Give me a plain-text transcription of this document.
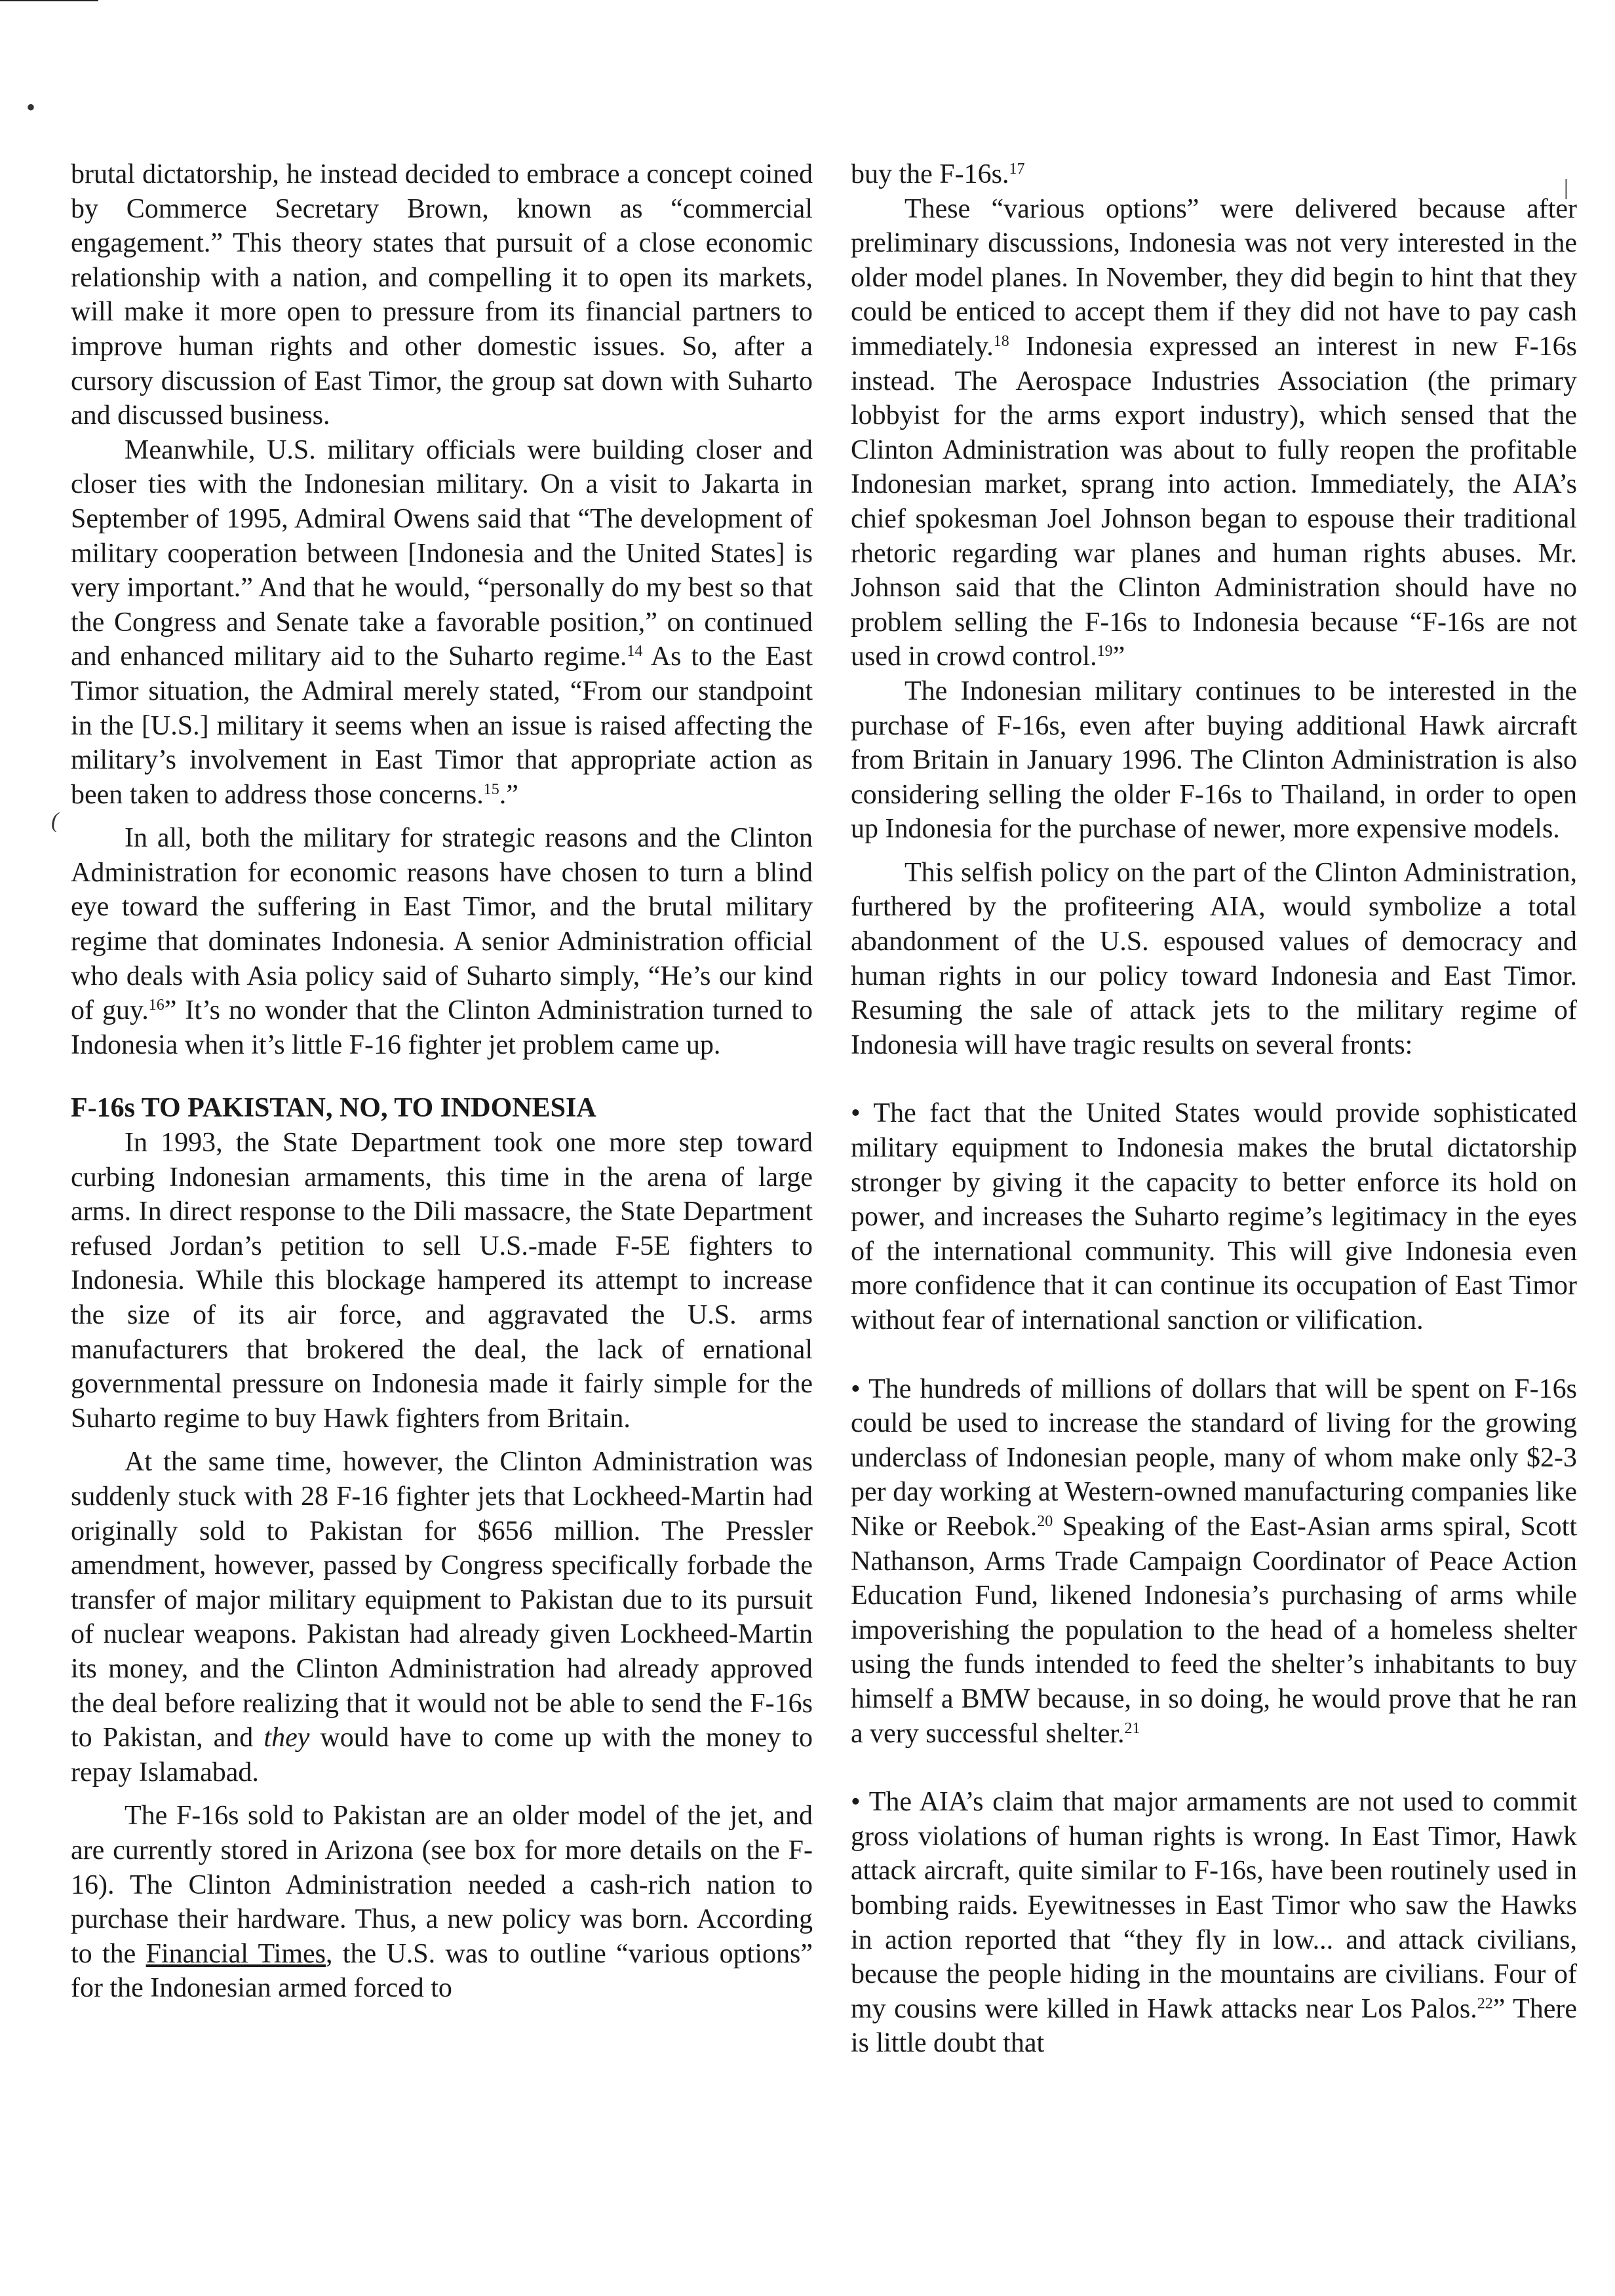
•
|
(

brutal dictatorship, he instead decided to embrace a concept coined by Commerce Secretary Brown, known as “commercial engagement.” This theory states that pursuit of a close economic relationship with a nation, and compelling it to open its markets, will make it more open to pressure from its financial partners to improve human rights and other domestic issues. So, after a cursory discussion of East Timor, the group sat down with Suharto and discussed business.

Meanwhile, U.S. military officials were building closer and closer ties with the Indonesian military. On a visit to Jakarta in September of 1995, Admiral Owens said that “The development of military cooperation between [Indonesia and the United States] is very important.” And that he would, “personally do my best so that the Congress and Senate take a favorable position,” on continued and enhanced military aid to the Suharto regime.$^{14}$ As to the East Timor situation, the Admiral merely stated, “From our standpoint in the [U.S.] military it seems when an issue is raised affecting the military’s involvement in East Timor that appropriate action as been taken to address those concerns.$^{15}$.”

In all, both the military for strategic reasons and the Clinton Administration for economic reasons have chosen to turn a blind eye toward the suffering in East Timor, and the brutal military regime that dominates Indonesia. A senior Administration official who deals with Asia policy said of Suharto simply, “He’s our kind of guy.$^{16}$” It’s no wonder that the Clinton Administration turned to Indonesia when it’s little F-16 fighter jet problem came up.

F-16s TO PAKISTAN, NO, TO INDONESIA

In 1993, the State Department took one more step toward curbing Indonesian armaments, this time in the arena of large arms. In direct response to the Dili massacre, the State Department refused Jordan’s petition to sell U.S.-made F-5E fighters to Indonesia. While this blockage hampered its attempt to increase the size of its air force, and aggravated the U.S. arms manufacturers that brokered the deal, the lack of ernational governmental pressure on Indonesia made it fairly simple for the Suharto regime to buy Hawk fighters from Britain.

At the same time, however, the Clinton Administration was suddenly stuck with 28 F-16 fighter jets that Lockheed-Martin had originally sold to Pakistan for $656 million. The Pressler amendment, however, passed by Congress specifically forbade the transfer of major military equipment to Pakistan due to its pursuit of nuclear weapons. Pakistan had already given Lockheed-Martin its money, and the Clinton Administration had already approved the deal before realizing that it would not be able to send the F-16s to Pakistan, and they would have to come up with the money to repay Islamabad.

The F-16s sold to Pakistan are an older model of the jet, and are currently stored in Arizona (see box for more details on the F-16). The Clinton Administration needed a cash-rich nation to purchase their hardware. Thus, a new policy was born. According to the Financial Times, the U.S. was to outline “various options” for the Indonesian armed forced to

buy the F-16s.$^{17}$

These “various options” were delivered because after preliminary discussions, Indonesia was not very interested in the older model planes. In November, they did begin to hint that they could be enticed to accept them if they did not have to pay cash immediately.$^{18}$ Indonesia expressed an interest in new F-16s instead. The Aerospace Industries Association (the primary lobbyist for the arms export industry), which sensed that the Clinton Administration was about to fully reopen the profitable Indonesian market, sprang into action. Immediately, the AIA’s chief spokesman Joel Johnson began to espouse their traditional rhetoric regarding war planes and human rights abuses. Mr. Johnson said that the Clinton Administration should have no problem selling the F-16s to Indonesia because “F-16s are not used in crowd control.$^{19}$”

The Indonesian military continues to be interested in the purchase of F-16s, even after buying additional Hawk aircraft from Britain in January 1996. The Clinton Administration is also considering selling the older F-16s to Thailand, in order to open up Indonesia for the purchase of newer, more expensive models.

This selfish policy on the part of the Clinton Administration, furthered by the profiteering AIA, would symbolize a total abandonment of the U.S. espoused values of democracy and human rights in our policy toward Indonesia and East Timor. Resuming the sale of attack jets to the military regime of Indonesia will have tragic results on several fronts:

• The fact that the United States would provide sophisticated military equipment to Indonesia makes the brutal dictatorship stronger by giving it the capacity to better enforce its hold on power, and increases the Suharto regime’s legitimacy in the eyes of the international community. This will give Indonesia even more confidence that it can continue its occupation of East Timor without fear of international sanction or vilification.

• The hundreds of millions of dollars that will be spent on F-16s could be used to increase the standard of living for the growing underclass of Indonesian people, many of whom make only $2-3 per day working at Western-owned manufacturing companies like Nike or Reebok.$^{20}$ Speaking of the East-Asian arms spiral, Scott Nathanson, Arms Trade Campaign Coordinator of Peace Action Education Fund, likened Indonesia’s purchasing of arms while impoverishing the population to the head of a homeless shelter using the funds intended to feed the shelter’s inhabitants to buy himself a BMW because, in so doing, he would prove that he ran a very successful shelter.$^{21}$

• The AIA’s claim that major armaments are not used to commit gross violations of human rights is wrong. In East Timor, Hawk attack aircraft, quite similar to F-16s, have been routinely used in bombing raids. Eyewitnesses in East Timor who saw the Hawks in action reported that “they fly in low... and attack civilians, because the people hiding in the mountains are civilians. Four of my cousins were killed in Hawk attacks near Los Palos.$^{22}$” There is little doubt that
